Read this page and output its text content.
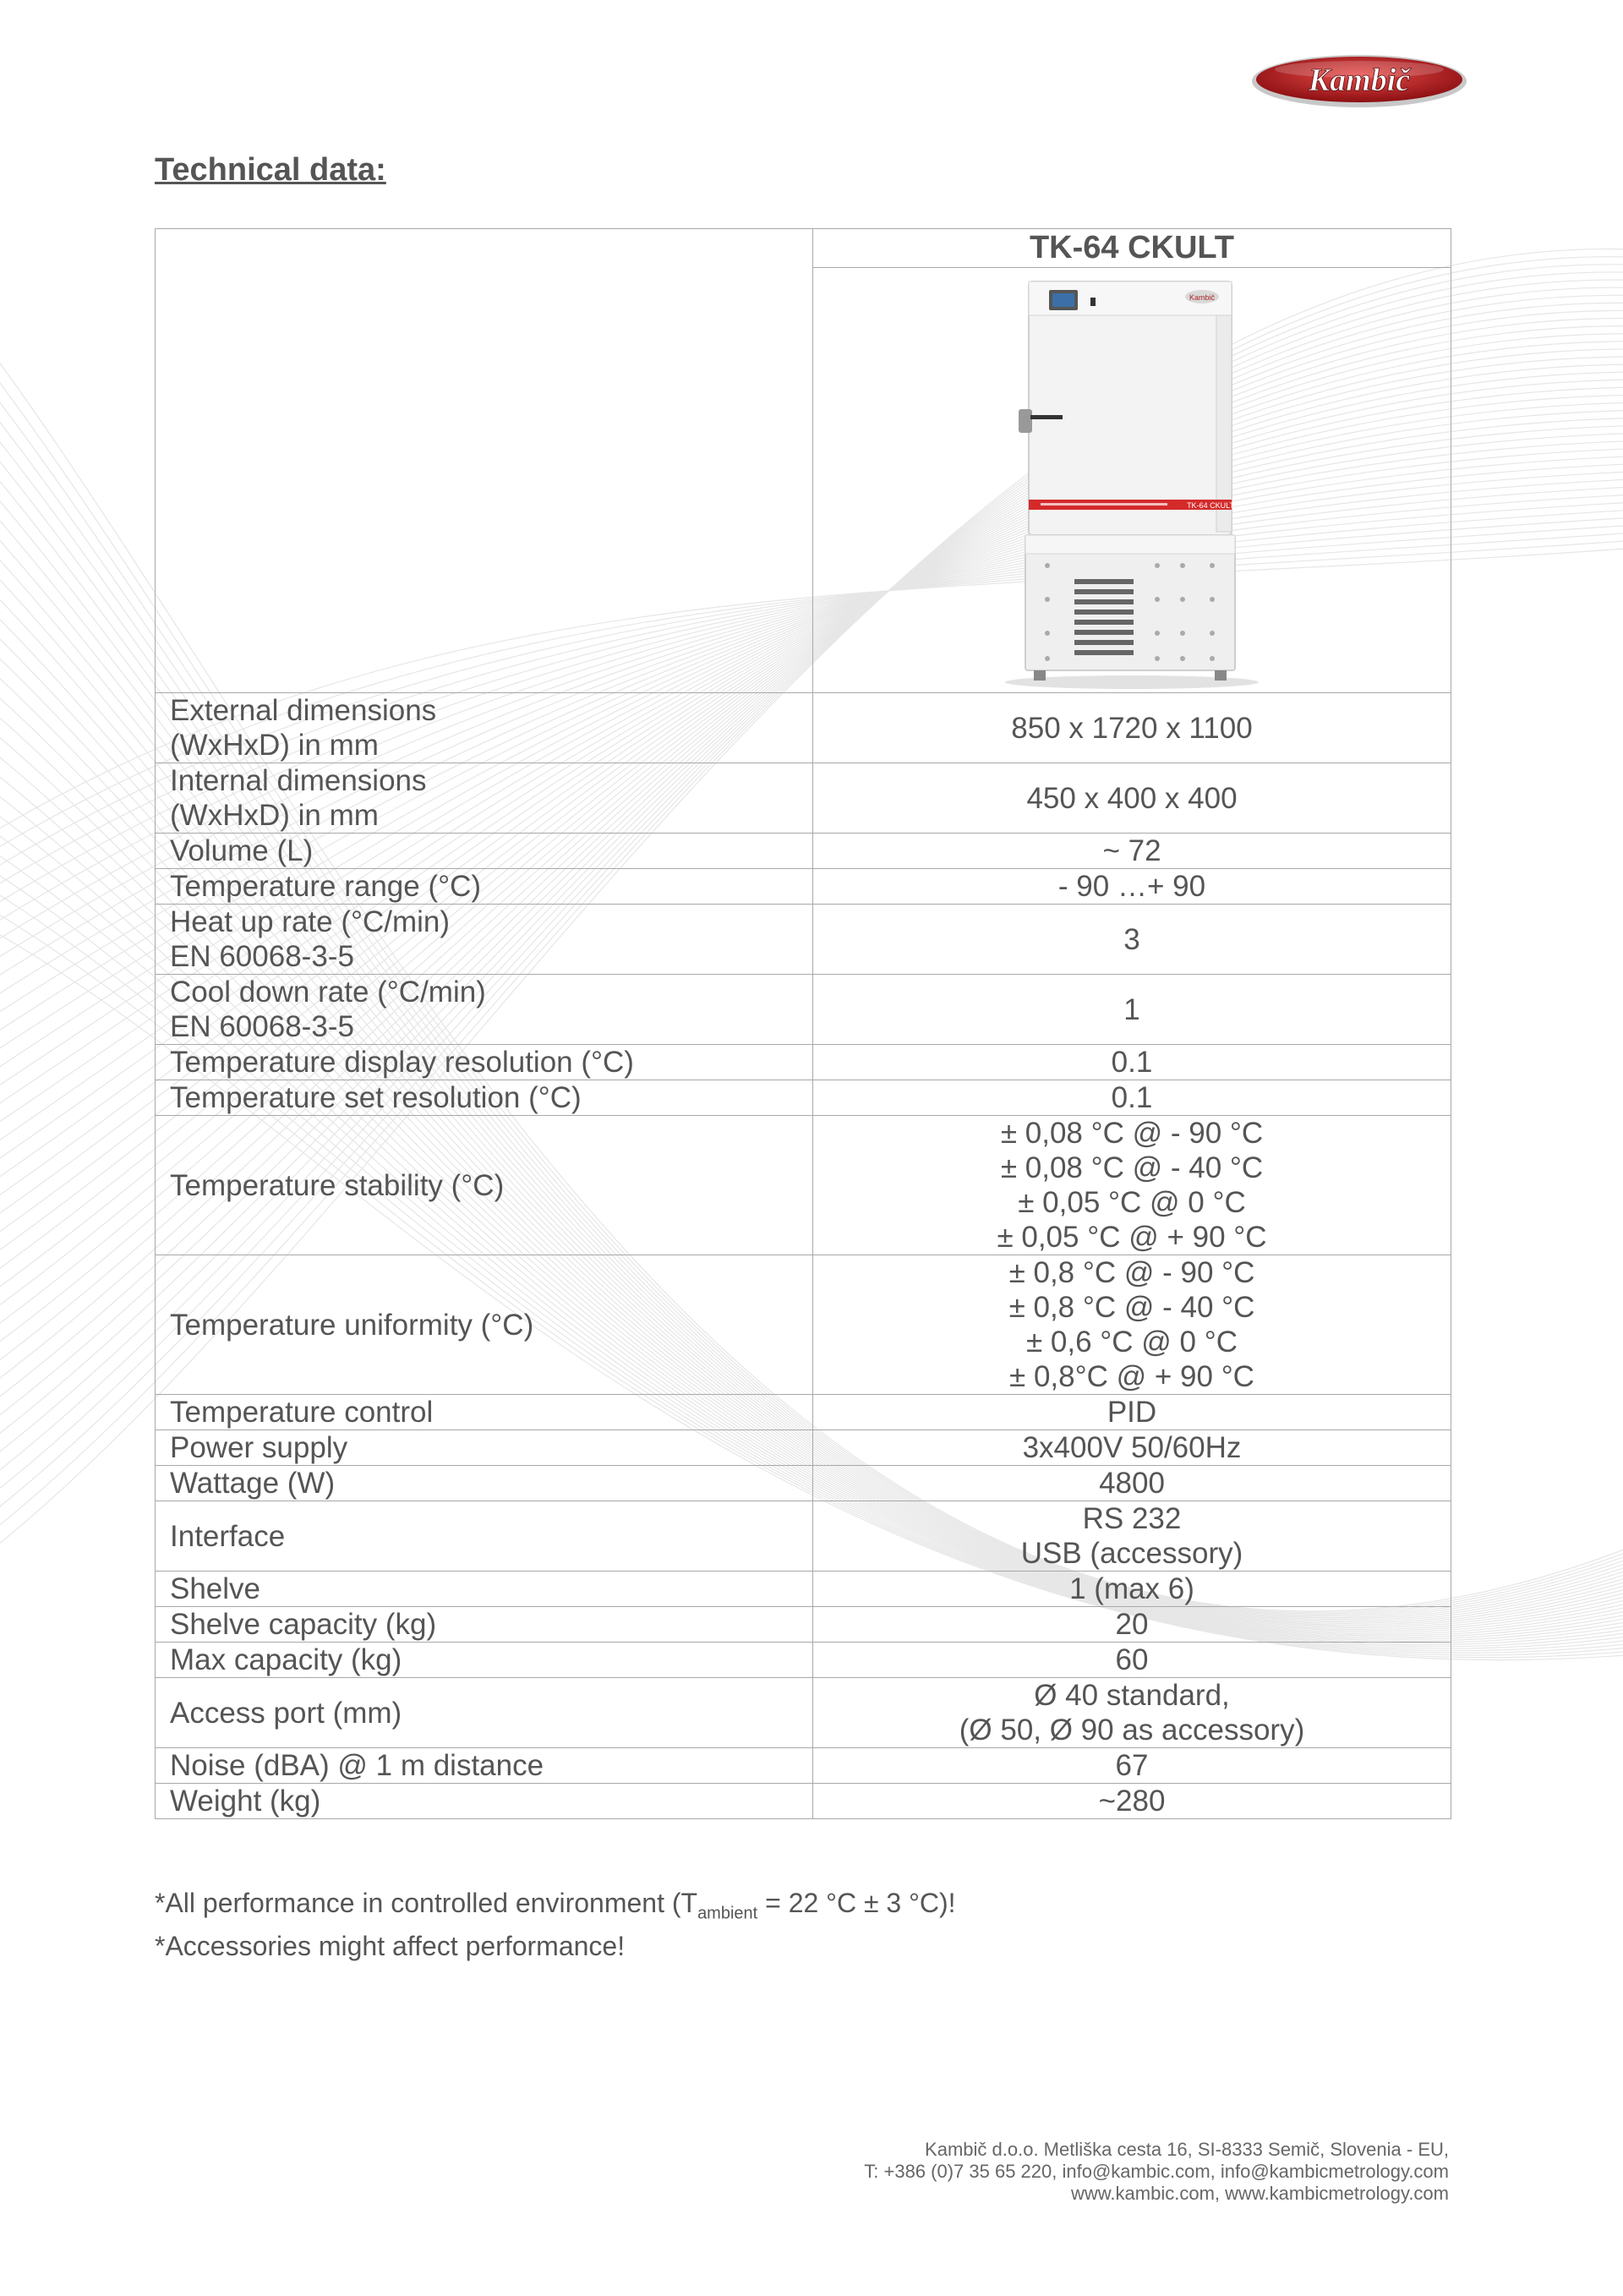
Kambič
Technical data:
	TK-64 CKULT

Kambič
TK-64 CKULT

External dimensions
(WxHxD) in mm	850 x 1720 x 1100

Internal dimensions
(WxHxD) in mm	450 x 400 x 400

Volume (L)	~ 72

Temperature range (°C)	- 90 …+ 90

Heat up rate (°C/min)
EN 60068-3-5	3

Cool down rate (°C/min)
EN 60068-3-5	1

Temperature display resolution (°C)	0.1

Temperature set resolution (°C)	0.1

Temperature stability (°C)	± 0,08 °C @ - 90 °C
± 0,08 °C @ - 40 °C
± 0,05 °C @ 0 °C
± 0,05 °C @ + 90 °C

Temperature uniformity (°C)	± 0,8 °C @ - 90 °C
± 0,8 °C @ - 40 °C
± 0,6 °C @ 0 °C
± 0,8°C @ + 90 °C

Temperature control	PID

Power supply	3x400V 50/60Hz

Wattage (W)	4800

Interface	RS 232
USB (accessory)

Shelve	1 (max 6)

Shelve capacity (kg)	20

Max capacity (kg)	60

Access port (mm)	Ø 40 standard,
(Ø 50, Ø 90 as accessory)

Noise (dBA) @ 1 m distance	67

Weight (kg)	~280
*All performance in controlled environment ($T_{ambient} = 22$ °C ± 3 °C)!
*Accessories might affect performance!
Kambič d.o.o. Metliška cesta 16, SI-8333 Semič, Slovenia - EU,
T: +386 (0)7 35 65 220, info@kambic.com, info@kambicmetrology.com
www.kambic.com, www.kambicmetrology.com
